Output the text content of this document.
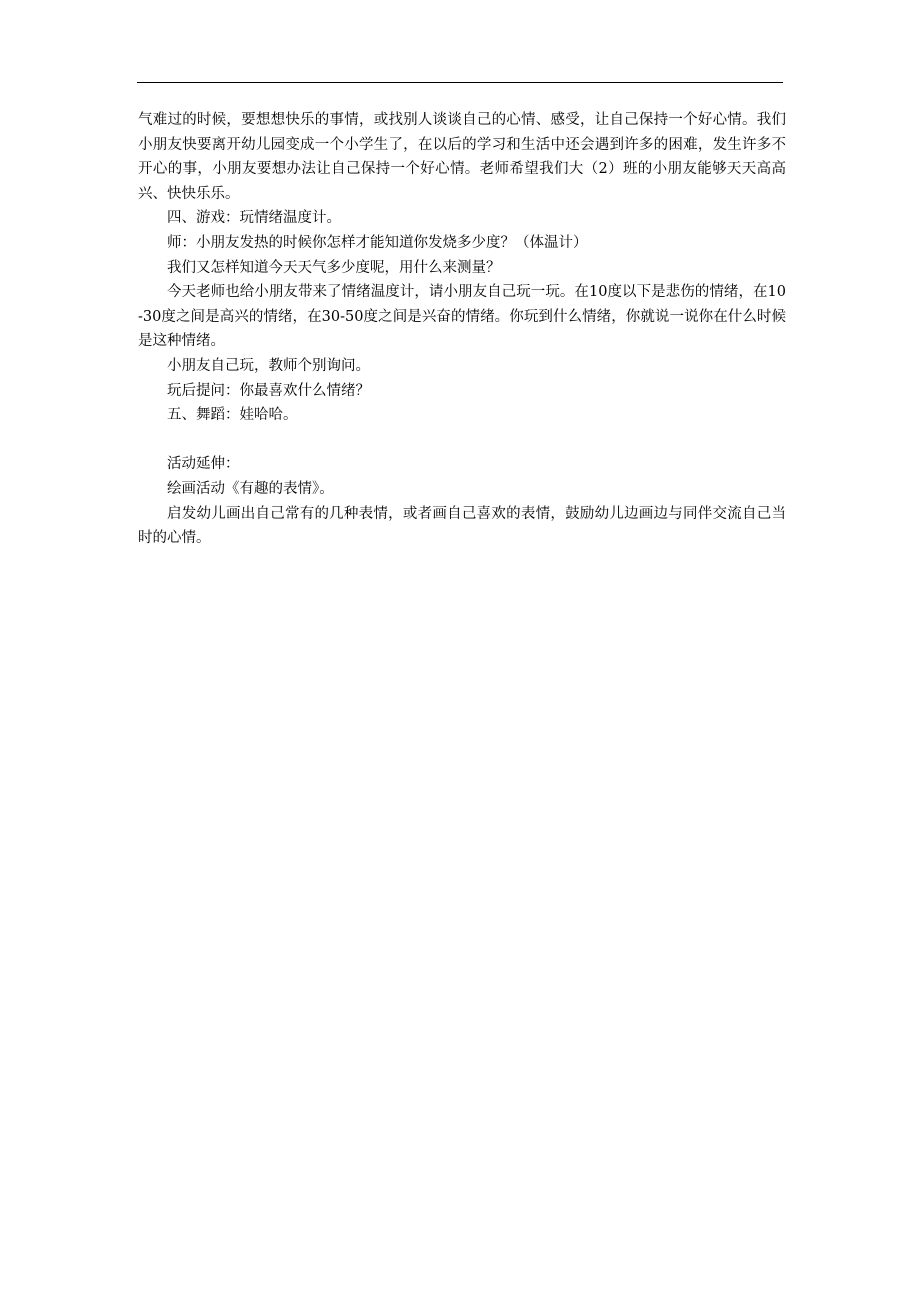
气难过的时候，要想想快乐的事情，或找别人谈谈自己的心情、感受，让自己保持一个好心情。我们小朋友快要离开幼儿园变成一个小学生了，在以后的学习和生活中还会遇到许多的困难，发生许多不开心的事，小朋友要想办法让自己保持一个好心情。老师希望我们大（2）班的小朋友能够天天高高兴、快快乐乐。

四、游戏：玩情绪温度计。

师：小朋友发热的时候你怎样才能知道你发烧多少度？（体温计）

我们又怎样知道今天天气多少度呢，用什么来测量？

今天老师也给小朋友带来了情绪温度计，请小朋友自己玩一玩。在10度以下是悲伤的情绪，在10-30度之间是高兴的情绪，在30-50度之间是兴奋的情绪。你玩到什么情绪，你就说一说你在什么时候是这种情绪。

小朋友自己玩，教师个别询问。

玩后提问：你最喜欢什么情绪？

五、舞蹈：娃哈哈。

活动延伸：

绘画活动《有趣的表情》。

启发幼儿画出自己常有的几种表情，或者画自己喜欢的表情，鼓励幼儿边画边与同伴交流自己当时的心情。
